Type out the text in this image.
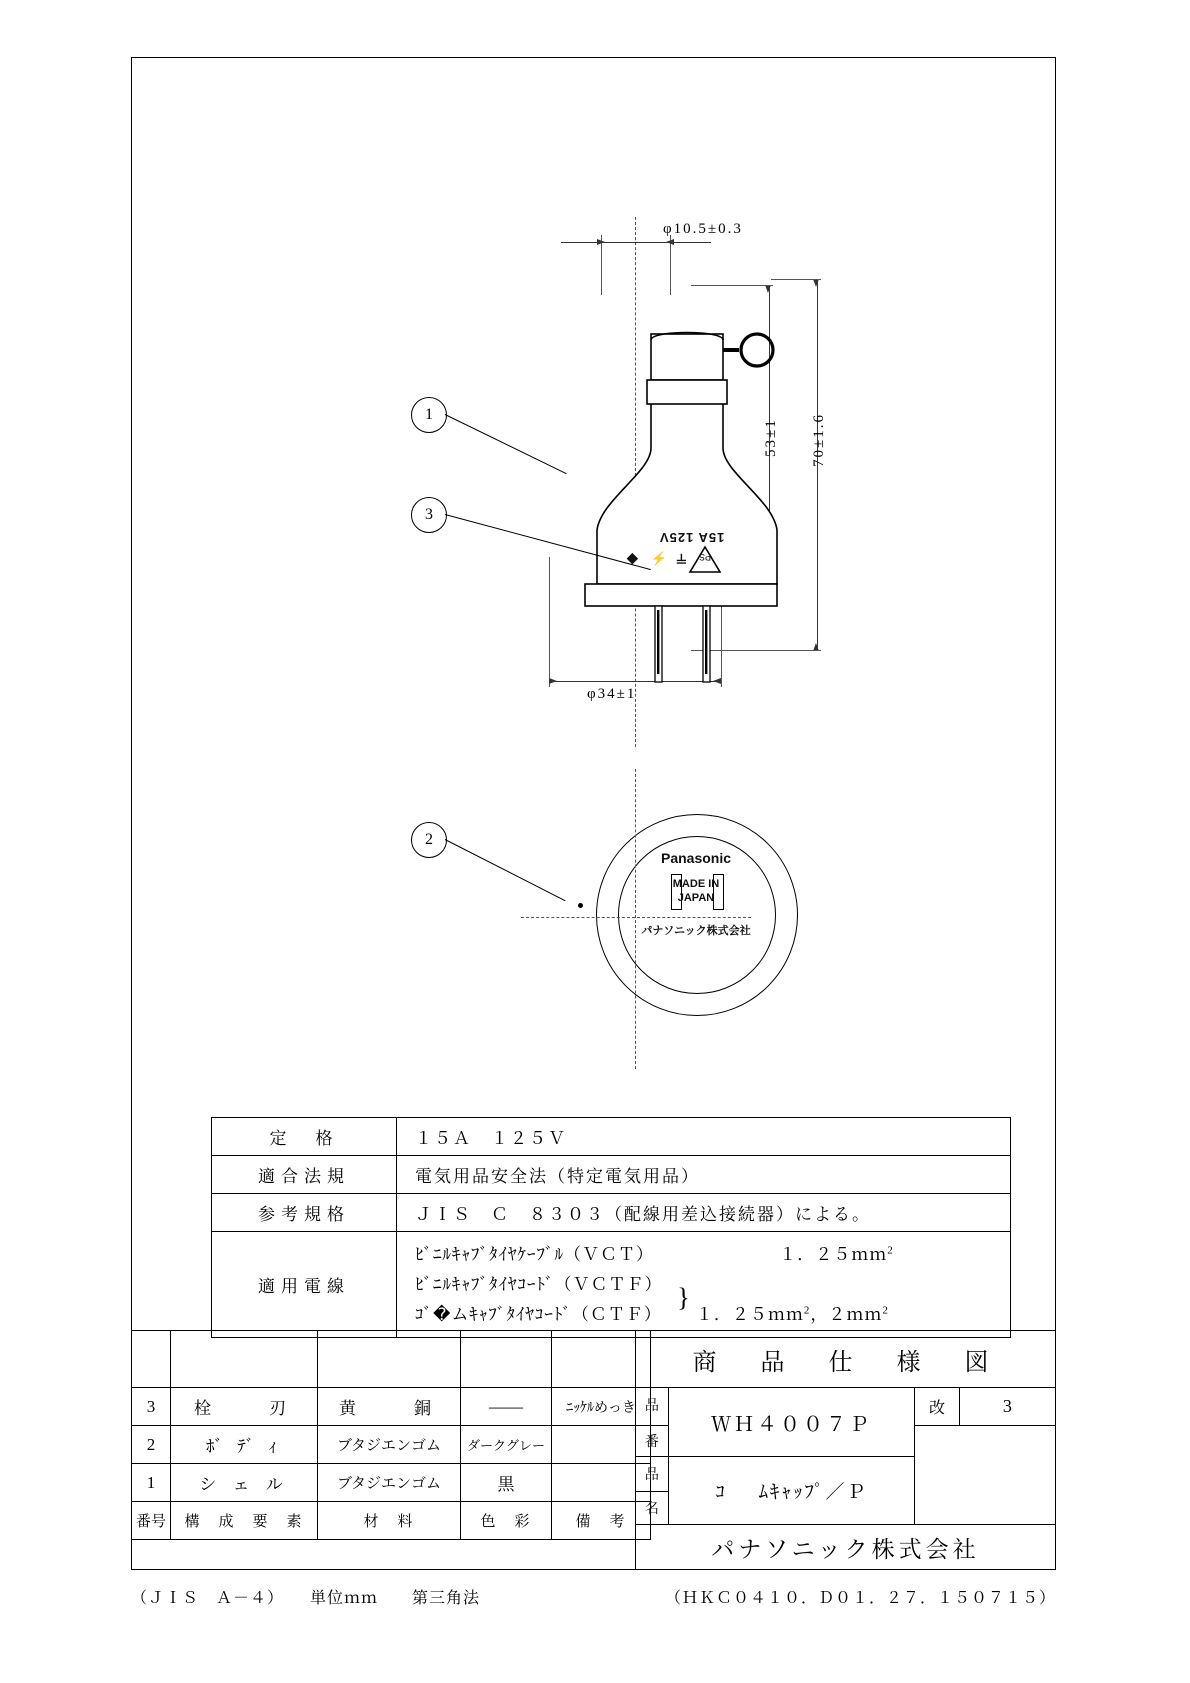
φ10.5±0.3
53±1 70±1.6
φ34±1
15A 125V
◆ 〒 ⚡ PS
1
3
Panasonic
MADE IN
JAPAN
パナソニック株式会社
2
定　格	１５Ａ　１２５Ｖ
適合法規	電気用品安全法（特定電気用品）
参考規格	ＪＩＳ　Ｃ　８３０３（配線用差込接続器）による。
適用電線	ﾋﾞﾆﾙｷｬﾌﾞﾀｲﾔｹｰﾌﾞﾙ（ＶＣＴ） １．２５ｍｍ$^2$
ﾋﾞﾆﾙｷｬﾌﾞﾀｲﾔｺｰﾄﾞ（ＶＣＴＦ）
ｺﾞ�ムｷｬﾌﾞﾀｲﾔｺｰﾄﾞ（ＣＴＦ） } １．２５ｍｍ$^2$，２ｍｍ$^2$

3	栓　　刃	黄　　銅	――	ﾆｯｹﾙめっき
2	ﾎﾞ ﾃﾞ ｨ	ブタジエンゴム	ダークグレー	
1	シ ェ ル	ブタジエンゴム	黒	
番号	構　成　要　素	材　料	色　彩	備　考
商　品　仕　様　図			
品	ＷＨ４００７Ｐ	改	3
番			
品	ｺ�ﾞﾑｷｬｯﾌﾟ／Ｐ		
名			
パナソニック株式会社			
（ＪＩＳ　Ａ－４）　　単位ｍｍ　　第三角法	（ＨＫＣ０４１０．Ｄ０１．２７．１５０７１５）
